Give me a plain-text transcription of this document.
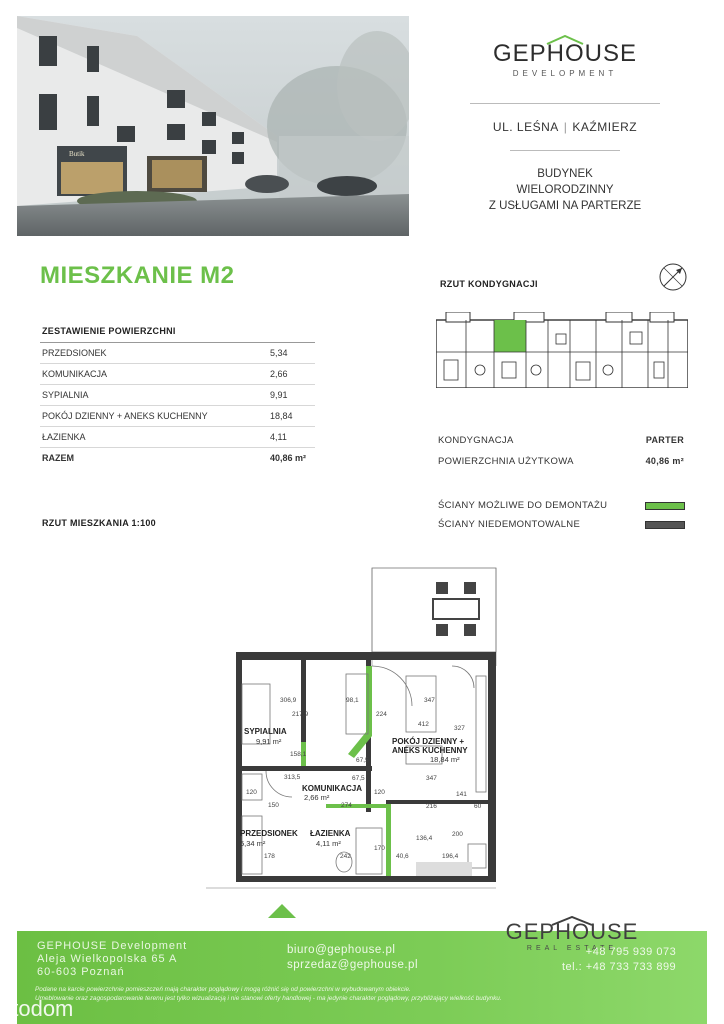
Butik
GEPHOUSE
DEVELOPMENT
UL. LEŚNA | KAŹMIERZ
BUDYNEK
WIELORODZINNY
Z USŁUGAMI NA PARTERZE
MIESZKANIE M2
ZESTAWIENIE POWIERZCHNI
PRZEDSIONEK	5,34
KOMUNIKACJA	2,66
SYPIALNIA	9,91
POKÓJ DZIENNY + ANEKS KUCHENNY	18,84
ŁAZIENKA	4,11
RAZEM	40,86 m²
RZUT MIESZKANIA 1:100
RZUT KONDYGNACJI
KONDYGNACJA	PARTER
POWIERZCHNIA UŻYTKOWA	40,86 m²
ŚCIANY MOŻLIWE DO DEMONTAŻU
ŚCIANY NIEDEMONTOWALNE
SYPIALNIA
POKÓJ DZIENNY +
ANEKS KUCHENNY
KOMUNIKACJA
PRZEDSIONEK ŁAZIENKA
9,91 m²
18,84 m²
2,66 m²
5,34 m²	4,11 m²
306,9
217,9
98,1
224
347
412
327
158,1
67,5
313,5	67,5	347
120
150	274	216	60
120	141
136,4
200
170
196,4
178	242	40,6
GEPHOUSE Development
Aleja Wielkopolska 65 A
60-603 Poznań
biuro@gephouse.pl
sprzedaz@gephouse.pl
GEPHOUSE
REAL ESTATE
+48 795 939 073
tel.: +48 733 733 899
Podane na karcie powierzchnie pomieszczeń mają charakter poglądowy i mogą różnić się od powierzchni w wybudowanym obiekcie.
Umeblowanie oraz zagospodarowanie terenu jest tylko wizualizacją i nie stanowi oferty handlowej - ma jedynie charakter poglądowy, przybliżający wielkość budynku.
otodom
